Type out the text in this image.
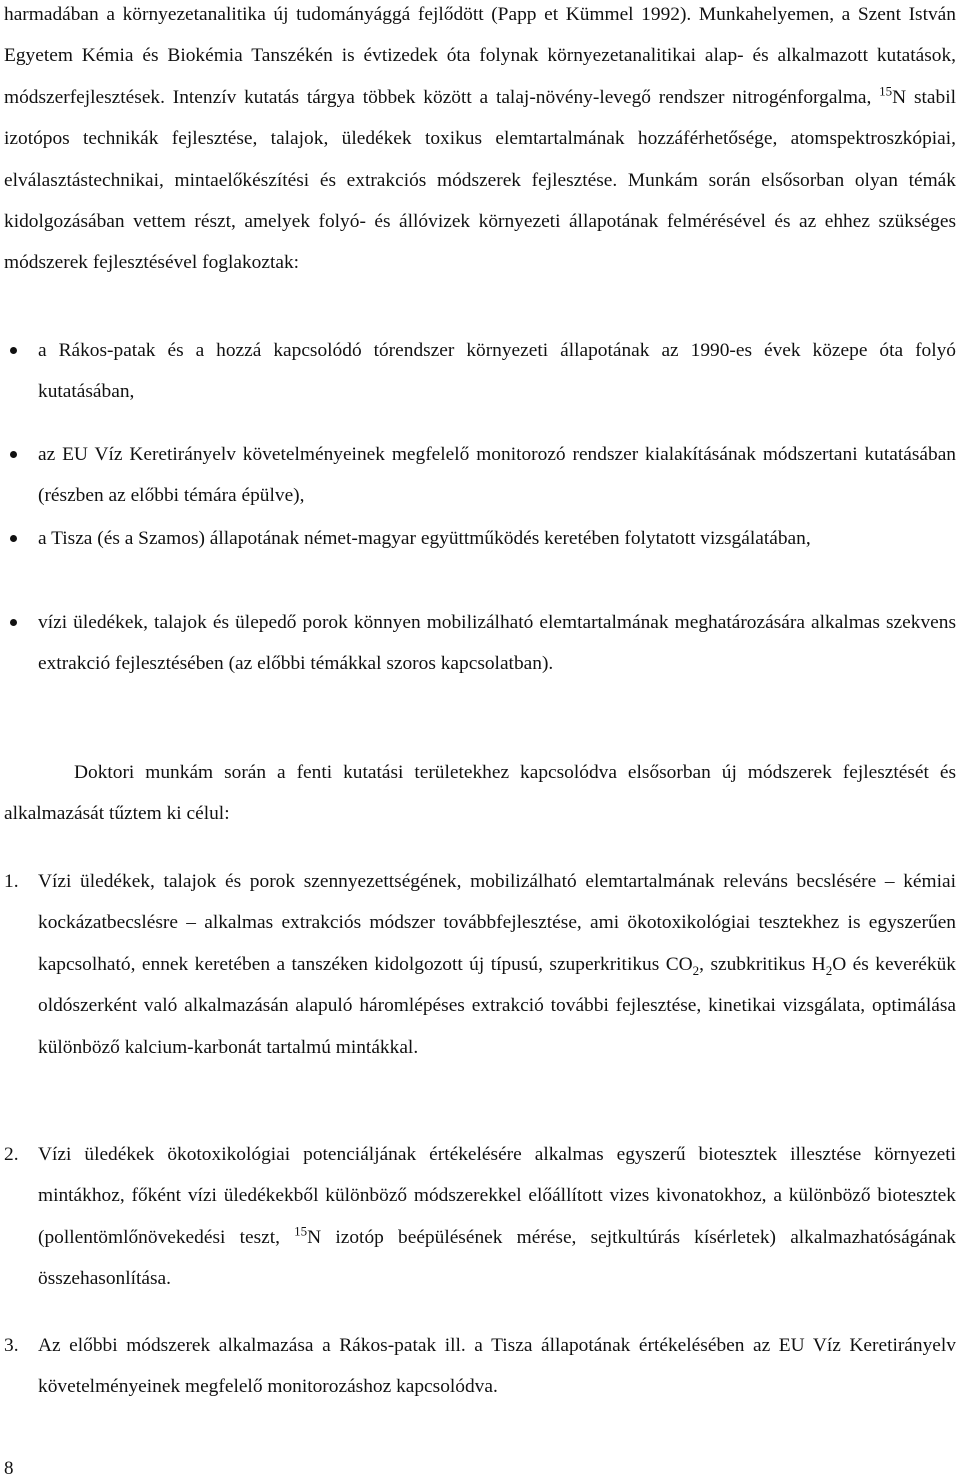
harmadában a környezetanalitika új tudományággá fejlődött (Papp et Kümmel 1992). Munkahelyemen, a Szent István Egyetem Kémia és Biokémia Tanszékén is évtizedek óta folynak környezetanalitikai alap- és alkalmazott kutatások, módszerfejlesztések. Intenzív kutatás tárgya többek között a talaj-növény-levegő rendszer nitrogénforgalma, $^{15}$N stabil izotópos technikák fejlesztése, talajok, üledékek toxikus elemtartalmának hozzáférhetősége, atomspektroszkópiai, elválasztástechnikai, mintaelőkészítési és extrakciós módszerek fejlesztése. Munkám során elsősorban olyan témák kidolgozásában vettem részt, amelyek folyó- és állóvizek környezeti állapotának felmérésével és az ehhez szükséges módszerek fejlesztésével foglakoztak:

a Rákos-patak és a hozzá kapcsolódó tórendszer környezeti állapotának az 1990-es évek közepe óta folyó kutatásában,

az EU Víz Keretirányelv követelményeinek megfelelő monitorozó rendszer kialakításának módszertani kutatásában (részben az előbbi témára épülve),

a Tisza (és a Szamos) állapotának német-magyar együttműködés keretében folytatott vizsgálatában,

vízi üledékek, talajok és ülepedő porok könnyen mobilizálható elemtartalmának meghatározására alkalmas szekvens extrakció fejlesztésében (az előbbi témákkal szoros kapcsolatban).

Doktori munkám során a fenti kutatási területekhez kapcsolódva elsősorban új módszerek fejlesztését és alkalmazását tűztem ki célul:

1. Vízi üledékek, talajok és porok szennyezettségének, mobilizálható elemtartalmának releváns becslésére – kémiai kockázatbecslésre – alkalmas extrakciós módszer továbbfejlesztése, ami ökotoxikológiai tesztekhez is egyszerűen kapcsolható, ennek keretében a tanszéken kidolgozott új típusú, szuperkritikus $CO_2$, szubkritikus $H_2O$ és keverékük oldószerként való alkalmazásán alapuló háromlépéses extrakció további fejlesztése, kinetikai vizsgálata, optimálása különböző kalcium-karbonát tartalmú mintákkal.

2. Vízi üledékek ökotoxikológiai potenciáljának értékelésére alkalmas egyszerű biotesztek illesztése környezeti mintákhoz, főként vízi üledékekből különböző módszerekkel előállított vizes kivonatokhoz, a különböző biotesztek (pollentömlőnövekedési teszt, $^{15}$N izotóp beépülésének mérése, sejtkultúrás kísérletek) alkalmazhatóságának összehasonlítása.

3. Az előbbi módszerek alkalmazása a Rákos-patak ill. a Tisza állapotának értékelésében az EU Víz Keretirányelv követelményeinek megfelelő monitorozáshoz kapcsolódva.

8
